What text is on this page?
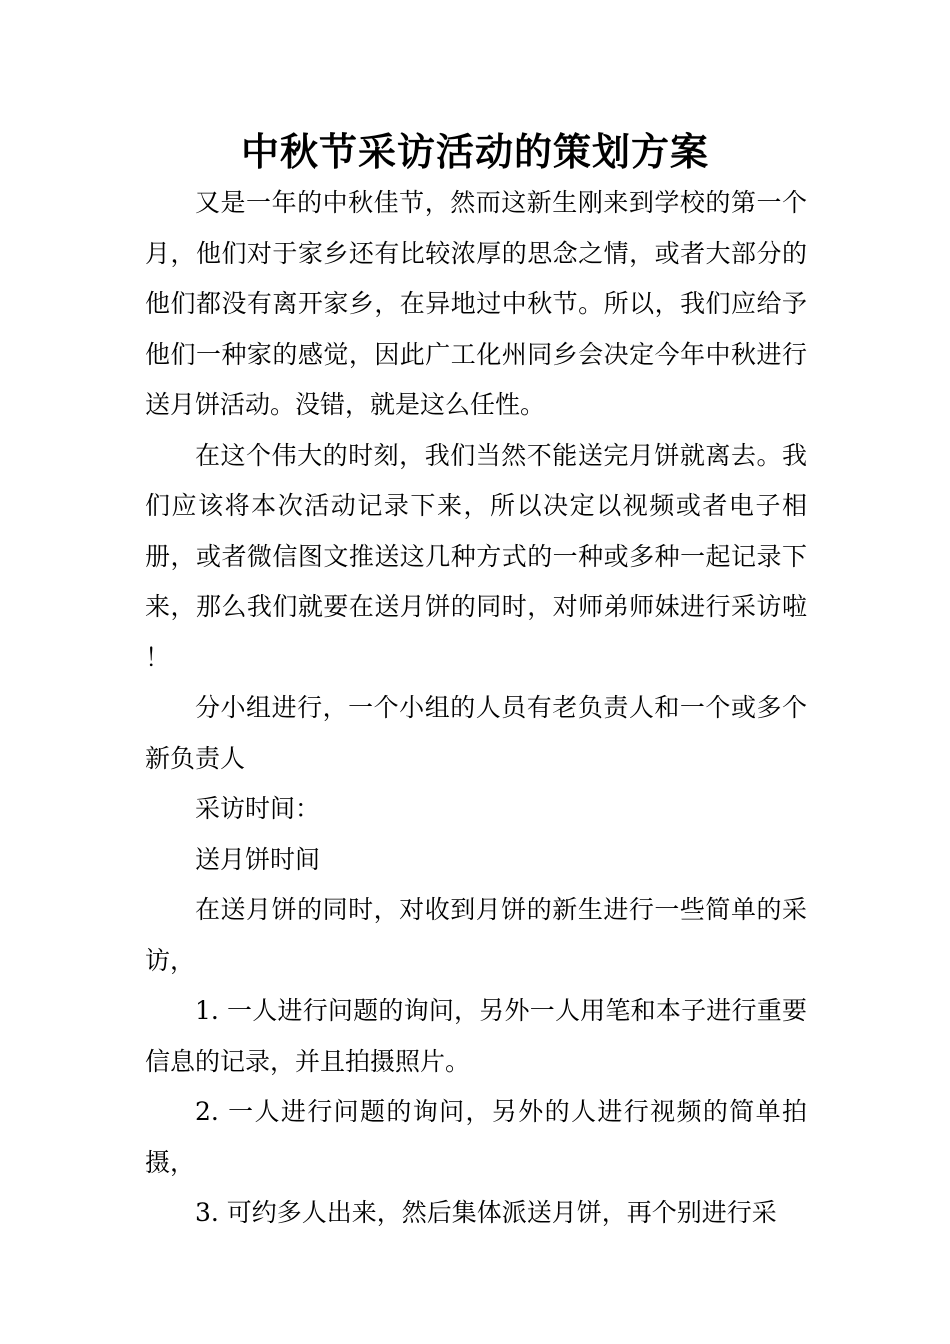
中秋节采访活动的策划方案

又是一年的中秋佳节，然而这新生刚来到学校的第一个月，他们对于家乡还有比较浓厚的思念之情，或者大部分的他们都没有离开家乡，在异地过中秋节。所以，我们应给予他们一种家的感觉，因此广工化州同乡会决定今年中秋进行送月饼活动。没错，就是这么任性。

在这个伟大的时刻，我们当然不能送完月饼就离去。我们应该将本次活动记录下来，所以决定以视频或者电子相册，或者微信图文推送这几种方式的一种或多种一起记录下来，那么我们就要在送月饼的同时，对师弟师妹进行采访啦 ！

分小组进行，一个小组的人员有老负责人和一个或多个新负责人

采访时间：

送月饼时间

在送月饼的同时，对收到月饼的新生进行一些简单的采访，

1. 一人进行问题的询问，另外一人用笔和本子进行重要信息的记录，并且拍摄照片。

2. 一人进行问题的询问，另外的人进行视频的简单拍摄，

3. 可约多人出来，然后集体派送月饼，再个别进行采
